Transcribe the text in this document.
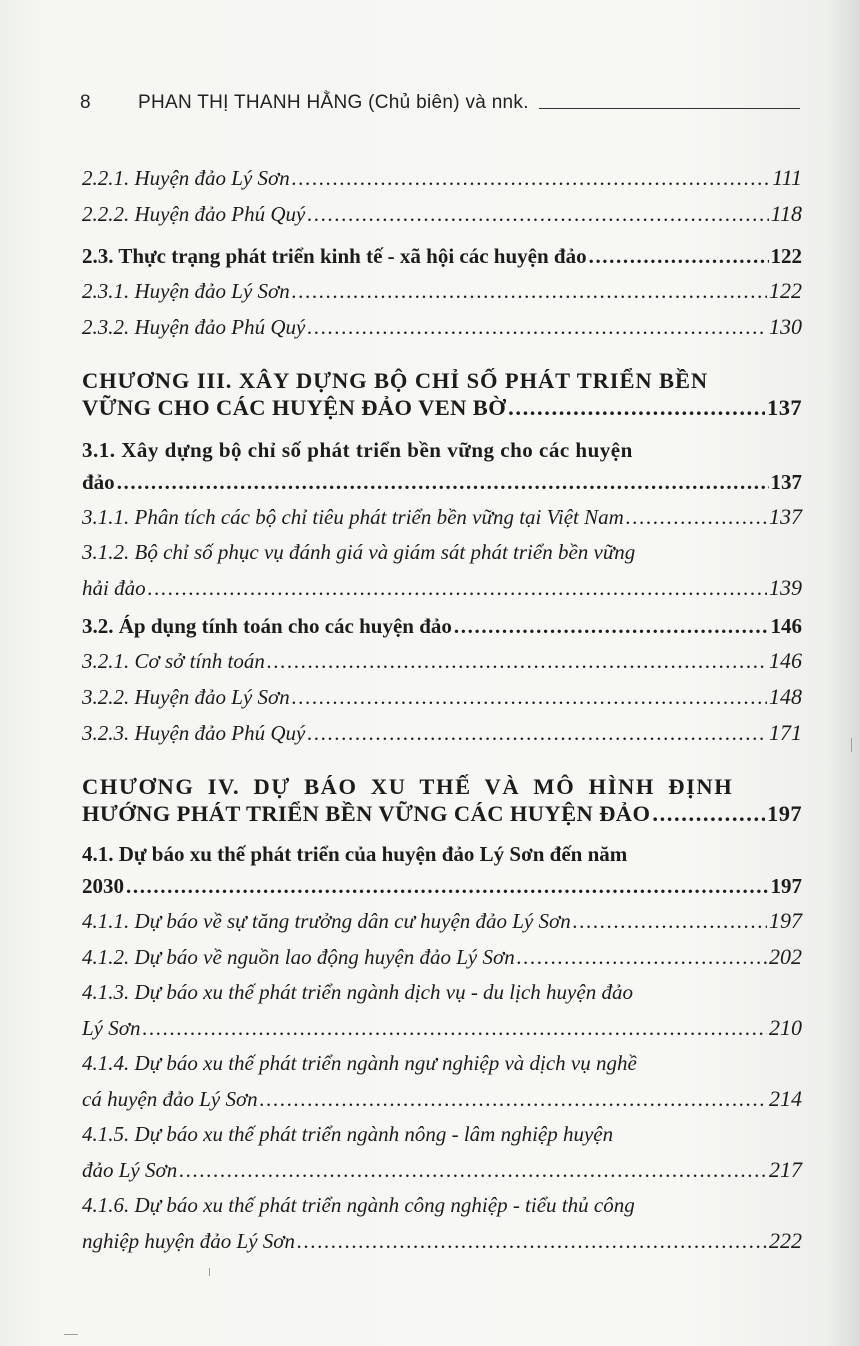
8	PHAN THỊ THANH HẰNG (Chủ biên) và nnk.
2.2.1. Huyện đảo Lý Sơn .....	111
2.2.2. Huyện đảo Phú Quý .....	118
2.3. Thực trạng phát triển kinh tế - xã hội các huyện đảo .....	122
2.3.1. Huyện đảo Lý Sơn .....	122
2.3.2. Huyện đảo Phú Quý .....	130
CHƯƠNG III. XÂY DỰNG BỘ CHỈ SỐ PHÁT TRIỂN BỀN
VỮNG CHO CÁC HUYỆN ĐẢO VEN BỜ .....	137
3.1. Xây dựng bộ chỉ số phát triển bền vững cho các huyện
đảo .....	137
3.1.1. Phân tích các bộ chỉ tiêu phát triển bền vững tại Việt Nam .....	137
3.1.2. Bộ chỉ số phục vụ đánh giá và giám sát phát triển bền vững
hải đảo .....	139
3.2. Áp dụng tính toán cho các huyện đảo .....	146
3.2.1. Cơ sở tính toán .....	146
3.2.2. Huyện đảo Lý Sơn .....	148
3.2.3. Huyện đảo Phú Quý .....	171
CHƯƠNG IV. DỰ BÁO XU THẾ VÀ MÔ HÌNH ĐỊNH
HƯỚNG PHÁT TRIỂN BỀN VỮNG CÁC HUYỆN ĐẢO .....	197
4.1. Dự báo xu thế phát triển của huyện đảo Lý Sơn đến năm
2030 .....	197
4.1.1. Dự báo về sự tăng trưởng dân cư huyện đảo Lý Sơn .....	197
4.1.2. Dự báo về nguồn lao động huyện đảo Lý Sơn .....	202
4.1.3. Dự báo xu thế phát triển ngành dịch vụ - du lịch huyện đảo
Lý Sơn .....	210
4.1.4. Dự báo xu thế phát triển ngành ngư nghiệp và dịch vụ nghề
cá huyện đảo Lý Sơn .....	214
4.1.5. Dự báo xu thế phát triển ngành nông - lâm nghiệp huyện
đảo Lý Sơn .....	217
4.1.6. Dự báo xu thế phát triển ngành công nghiệp - tiểu thủ công
nghiệp huyện đảo Lý Sơn .....	222
